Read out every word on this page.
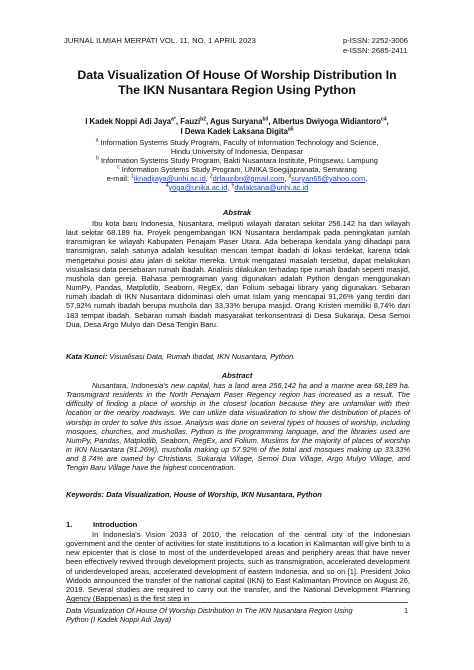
JURNAL ILMIAH MERPATI VOL. 11, NO. 1 APRIL 2023	p-ISSN: 2252-3006
e-ISSN: 2685-2411
Data Visualization Of House Of Worship Distribution In
The IKN Nusantara Region Using Python
I Kadek Noppi Adi Jaya$^{a*}$, Fauzi$^{b2}$, Agus Suryana$^{b3}$, Albertus Dwiyoga Widiantoro$^{c4}$,
I Dewa Kadek Laksana Digita$^{a5}$
$^a$ Information Systems Study Program, Faculty of Information Technology and Science,
Hindu University of Indonesia, Denpasar
$^b$ Information Systems Study Program, Bakti Nusantara Institute, Pringsewu, Lampung
$^c$ Information Systems Study Program, UNIKA Soegijapranata, Semarang
e-mail: $^1$iknadijaya@unhi.ac.id, $^2$drfauzibn@gmail.com, $^3$suryan65@yahoo.com,
$^4$yoga@unika.ac.id, $^5$dwlaksana@unhi.ac.id
Abstrak
Ibu kota baru Indonesia, Nusantara, meliputi wilayah daratan sekitar 256.142 ha dan wilayah laut sekitar 68.189 ha. Proyek pengembangan IKN Nusantara berdampak pada peningkatan jumlah transmigran ke wilayah Kabupaten Penajam Paser Utara. Ada beberapa kendala yang dihadapi para transmigran, salah satunya adalah kesulitan mencari tempat ibadah di lokasi terdekat, karena tidak mengetahui posisi atau jalan di sekitar mereka. Untuk mengatasi masalah tersebut, dapat melakukan visualisasi data persebaran rumah ibadah. Analisis dilakukan terhadap tipe rumah ibadah seperti masjid, mushola dan gereja. Bahasa pemrograman yang digunakan adalah Python dengan menggunakan NumPy, Pandas, Matplotlib, Seaborn, RegEx, dan Folium sebagai library yang digunakan. Sebaran rumah ibadah di IKN Nusantara didominasi oleh umat Islam yang mencapai 91,26% yang terdiri dari 57,92% rumah ibadah berupa mushola dan 33,33% berupa masjid. Orang Kristen memiliki 8,74% dari 183 tempat ibadah. Sebaran rumah ibadah masyarakat terkonsentrasi di Desa Sukaraja, Desa Semoi Dua, Desa Argo Mulyo dan Desa Tengin Baru.
Kata Kunci: Visualisasi Data, Rumah Ibadat, IKN Nusantara, Python.
Abstract
Nusantara, Indonesia's new capital, has a land area 256,142 ha and a marine area 68,189 ha. Transmigrant residents in the North Penajam Paser Regency region has increased as a result. The difficulty of finding a place of worship in the closest location because they are unfamiliar with their location or the nearby roadways. We can utilize data visualization to show the distribution of places of worship in order to solve this issue. Analysis was done on several types of houses of worship, including mosques, churches, and mushollas. Python is the programming language, and the libraries used are NumPy, Pandas, Matplotlib, Seaborn, RegEx, and Folium. Muslims for the majority of places of worship in IKN Nusantara (91.26%), musholla making up 57.92% of the total and mosques making up 33.33% and 8.74% are owned by Christians. Sukaraja Village, Semoi Dua Village, Argo Mulyo Village, and Tengin Baru Village have the highest concentration.
Keywords: Data Visualization, House of Worship, IKN Nusantara, Python
1.	Introduction
In Indonesia's Vision 2033 of 2010, the relocation of the central city of the Indonesian government and the center of activities for state institutions to a location in Kalimantan will give birth to a new epicenter that is close to most of the underdeveloped areas and periphery areas that have never been effectively revived through development projects, such as transmigration, accelerated development of underdeveloped areas, accelerated development of eastern Indonesia, and so on [1]. President Joko Widodo announced the transfer of the national capital (IKN) to East Kalimantan Province on August 26, 2019. Several studies are required to carry out the transfer, and the National Development Planning Agency (Bappenas) is the first step in
Data Visualization Of House Of Worship Distribution In The IKN Nusantara Region Using Python (I Kadek Noppi Adi Jaya)
1
